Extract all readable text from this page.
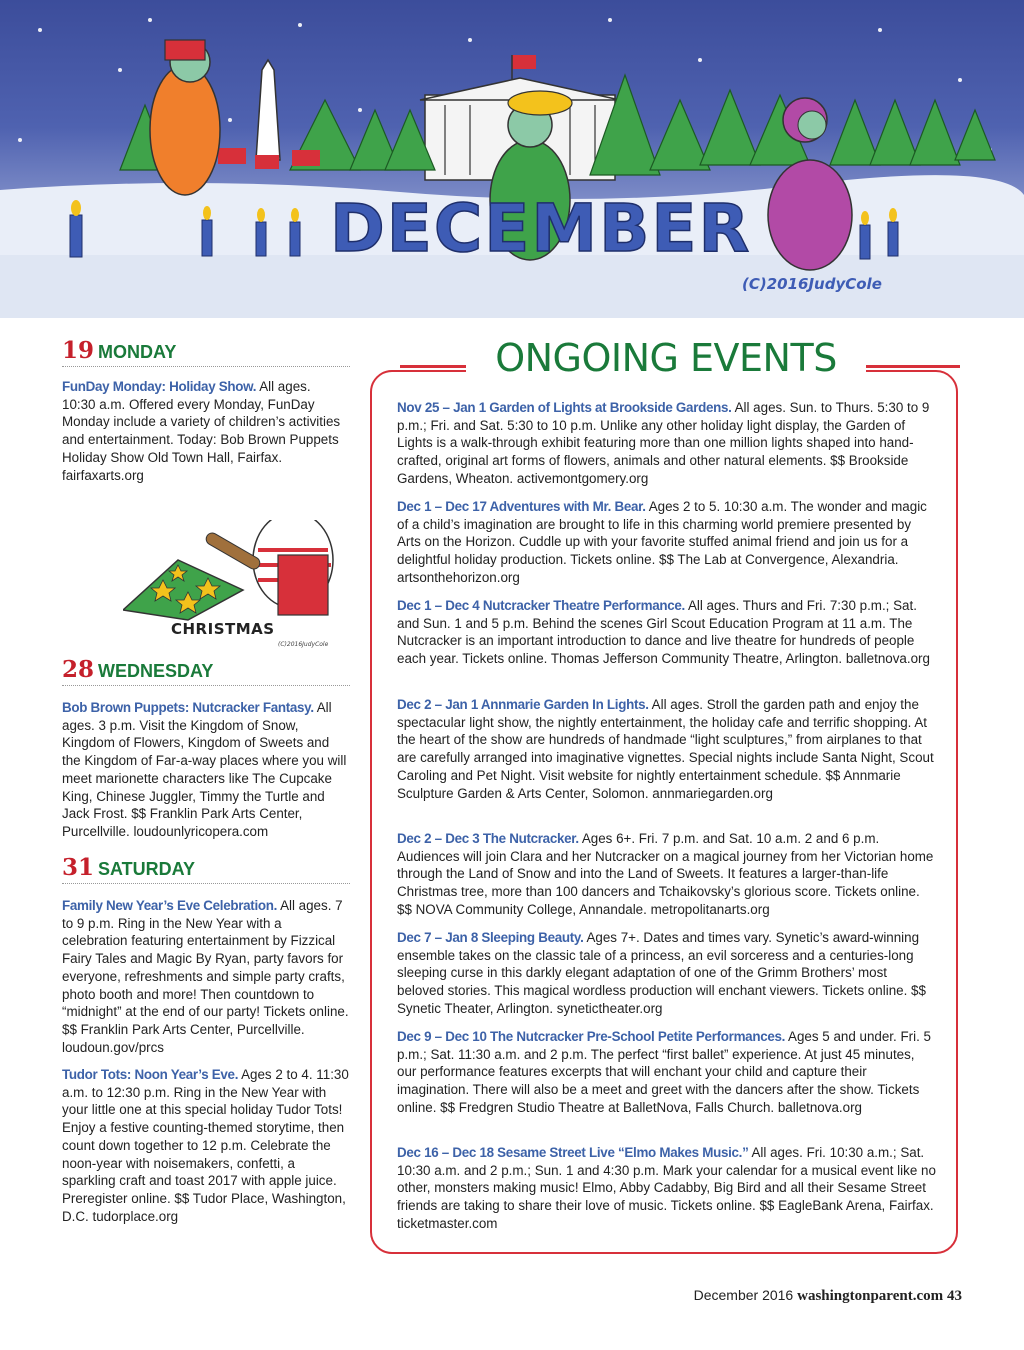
DECEMBER
(C)2016JudyCole
19 MONDAY
FunDay Monday: Holiday Show. All ages. 10:30 a.m. Offered every Monday, FunDay Monday include a variety of children’s activities and entertainment. Today: Bob Brown Puppets Holiday Show Old Town Hall, Fairfax. fairfaxarts.org
CHRISTMAS
(C)2016JudyCole
28 WEDNESDAY
Bob Brown Puppets: Nutcracker Fantasy. All ages. 3 p.m. Visit the Kingdom of Snow, Kingdom of Flowers, Kingdom of Sweets and the Kingdom of Far-a-way places where you will meet marionette characters like The Cupcake King, Chinese Juggler, Timmy the Turtle and Jack Frost. $$ Franklin Park Arts Center, Purcellville. loudounlyricopera.com
31 SATURDAY
Family New Year’s Eve Celebration. All ages. 7 to 9 p.m. Ring in the New Year with a celebration featuring entertainment by Fizzical Fairy Tales and Magic By Ryan, party favors for everyone, refreshments and simple party crafts, photo booth and more! Then countdown to “midnight” at the end of our party! Tickets online. $$ Franklin Park Arts Center, Purcellville. loudoun.gov/prcs
Tudor Tots: Noon Year’s Eve. Ages 2 to 4. 11:30 a.m. to 12:30 p.m. Ring in the New Year with your little one at this special holiday Tudor Tots! Enjoy a festive counting-themed storytime, then count down together to 12 p.m. Celebrate the noon-year with noisemakers, confetti, a sparkling craft and toast 2017 with apple juice. Preregister online. $$ Tudor Place, Washington, D.C. tudorplace.org
ONGOING EVENTS
Nov 25 – Jan 1 Garden of Lights at Brookside Gardens. All ages. Sun. to Thurs. 5:30 to 9 p.m.; Fri. and Sat. 5:30 to 10 p.m. Unlike any other holiday light display, the Garden of Lights is a walk-through exhibit featuring more than one million lights shaped into hand-crafted, original art forms of flowers, animals and other natural elements. $$ Brookside Gardens, Wheaton. activemontgomery.org
Dec 1 – Dec 17 Adventures with Mr. Bear. Ages 2 to 5. 10:30 a.m. The wonder and magic of a child’s imagination are brought to life in this charming world premiere presented by Arts on the Horizon. Cuddle up with your favorite stuffed animal friend and join us for a delightful holiday production. Tickets online. $$ The Lab at Convergence, Alexandria. artsonthehorizon.org
Dec 1 – Dec 4 Nutcracker Theatre Performance. All ages. Thurs and Fri. 7:30 p.m.; Sat. and Sun. 1 and 5 p.m. Behind the scenes Girl Scout Education Program at 11 a.m. The Nutcracker is an important introduction to dance and live theatre for hundreds of people each year. Tickets online. Thomas Jefferson Community Theatre, Arlington. balletnova.org
Dec 2 – Jan 1 Annmarie Garden In Lights. All ages. Stroll the garden path and enjoy the spectacular light show, the nightly entertainment, the holiday cafe and terrific shopping. At the heart of the show are hundreds of handmade “light sculptures,” from airplanes to that are carefully arranged into imaginative vignettes. Special nights include Santa Night, Scout Caroling and Pet Night. Visit website for nightly entertainment schedule. $$ Annmarie Sculpture Garden & Arts Center, Solomon. annmariegarden.org
Dec 2 – Dec 3 The Nutcracker. Ages 6+. Fri. 7 p.m. and Sat. 10 a.m. 2 and 6 p.m. Audiences will join Clara and her Nutcracker on a magical journey from her Victorian home through the Land of Snow and into the Land of Sweets. It features a larger-than-life Christmas tree, more than 100 dancers and Tchaikovsky’s glorious score. Tickets online. $$ NOVA Community College, Annandale. metropolitanarts.org
Dec 7 – Jan 8 Sleeping Beauty. Ages 7+. Dates and times vary. Synetic’s award-winning ensemble takes on the classic tale of a princess, an evil sorceress and a centuries-long sleeping curse in this darkly elegant adaptation of one of the Grimm Brothers’ most beloved stories. This magical wordless production will enchant viewers. Tickets online. $$ Synetic Theater, Arlington. synetictheater.org
Dec 9 – Dec 10 The Nutcracker Pre-School Petite Performances. Ages 5 and under. Fri. 5 p.m.; Sat. 11:30 a.m. and 2 p.m. The perfect “first ballet” experience. At just 45 minutes, our performance features excerpts that will enchant your child and capture their imagination. There will also be a meet and greet with the dancers after the show. Tickets online. $$ Fredgren Studio Theatre at BalletNova, Falls Church. balletnova.org
Dec 16 – Dec 18 Sesame Street Live “Elmo Makes Music.” All ages. Fri. 10:30 a.m.; Sat. 10:30 a.m. and 2 p.m.; Sun. 1 and 4:30 p.m. Mark your calendar for a musical event like no other, monsters making music! Elmo, Abby Cadabby, Big Bird and all their Sesame Street friends are taking to share their love of music. Tickets online. $$ EagleBank Arena, Fairfax. ticketmaster.com
December 2016 washingtonparent.com 43
